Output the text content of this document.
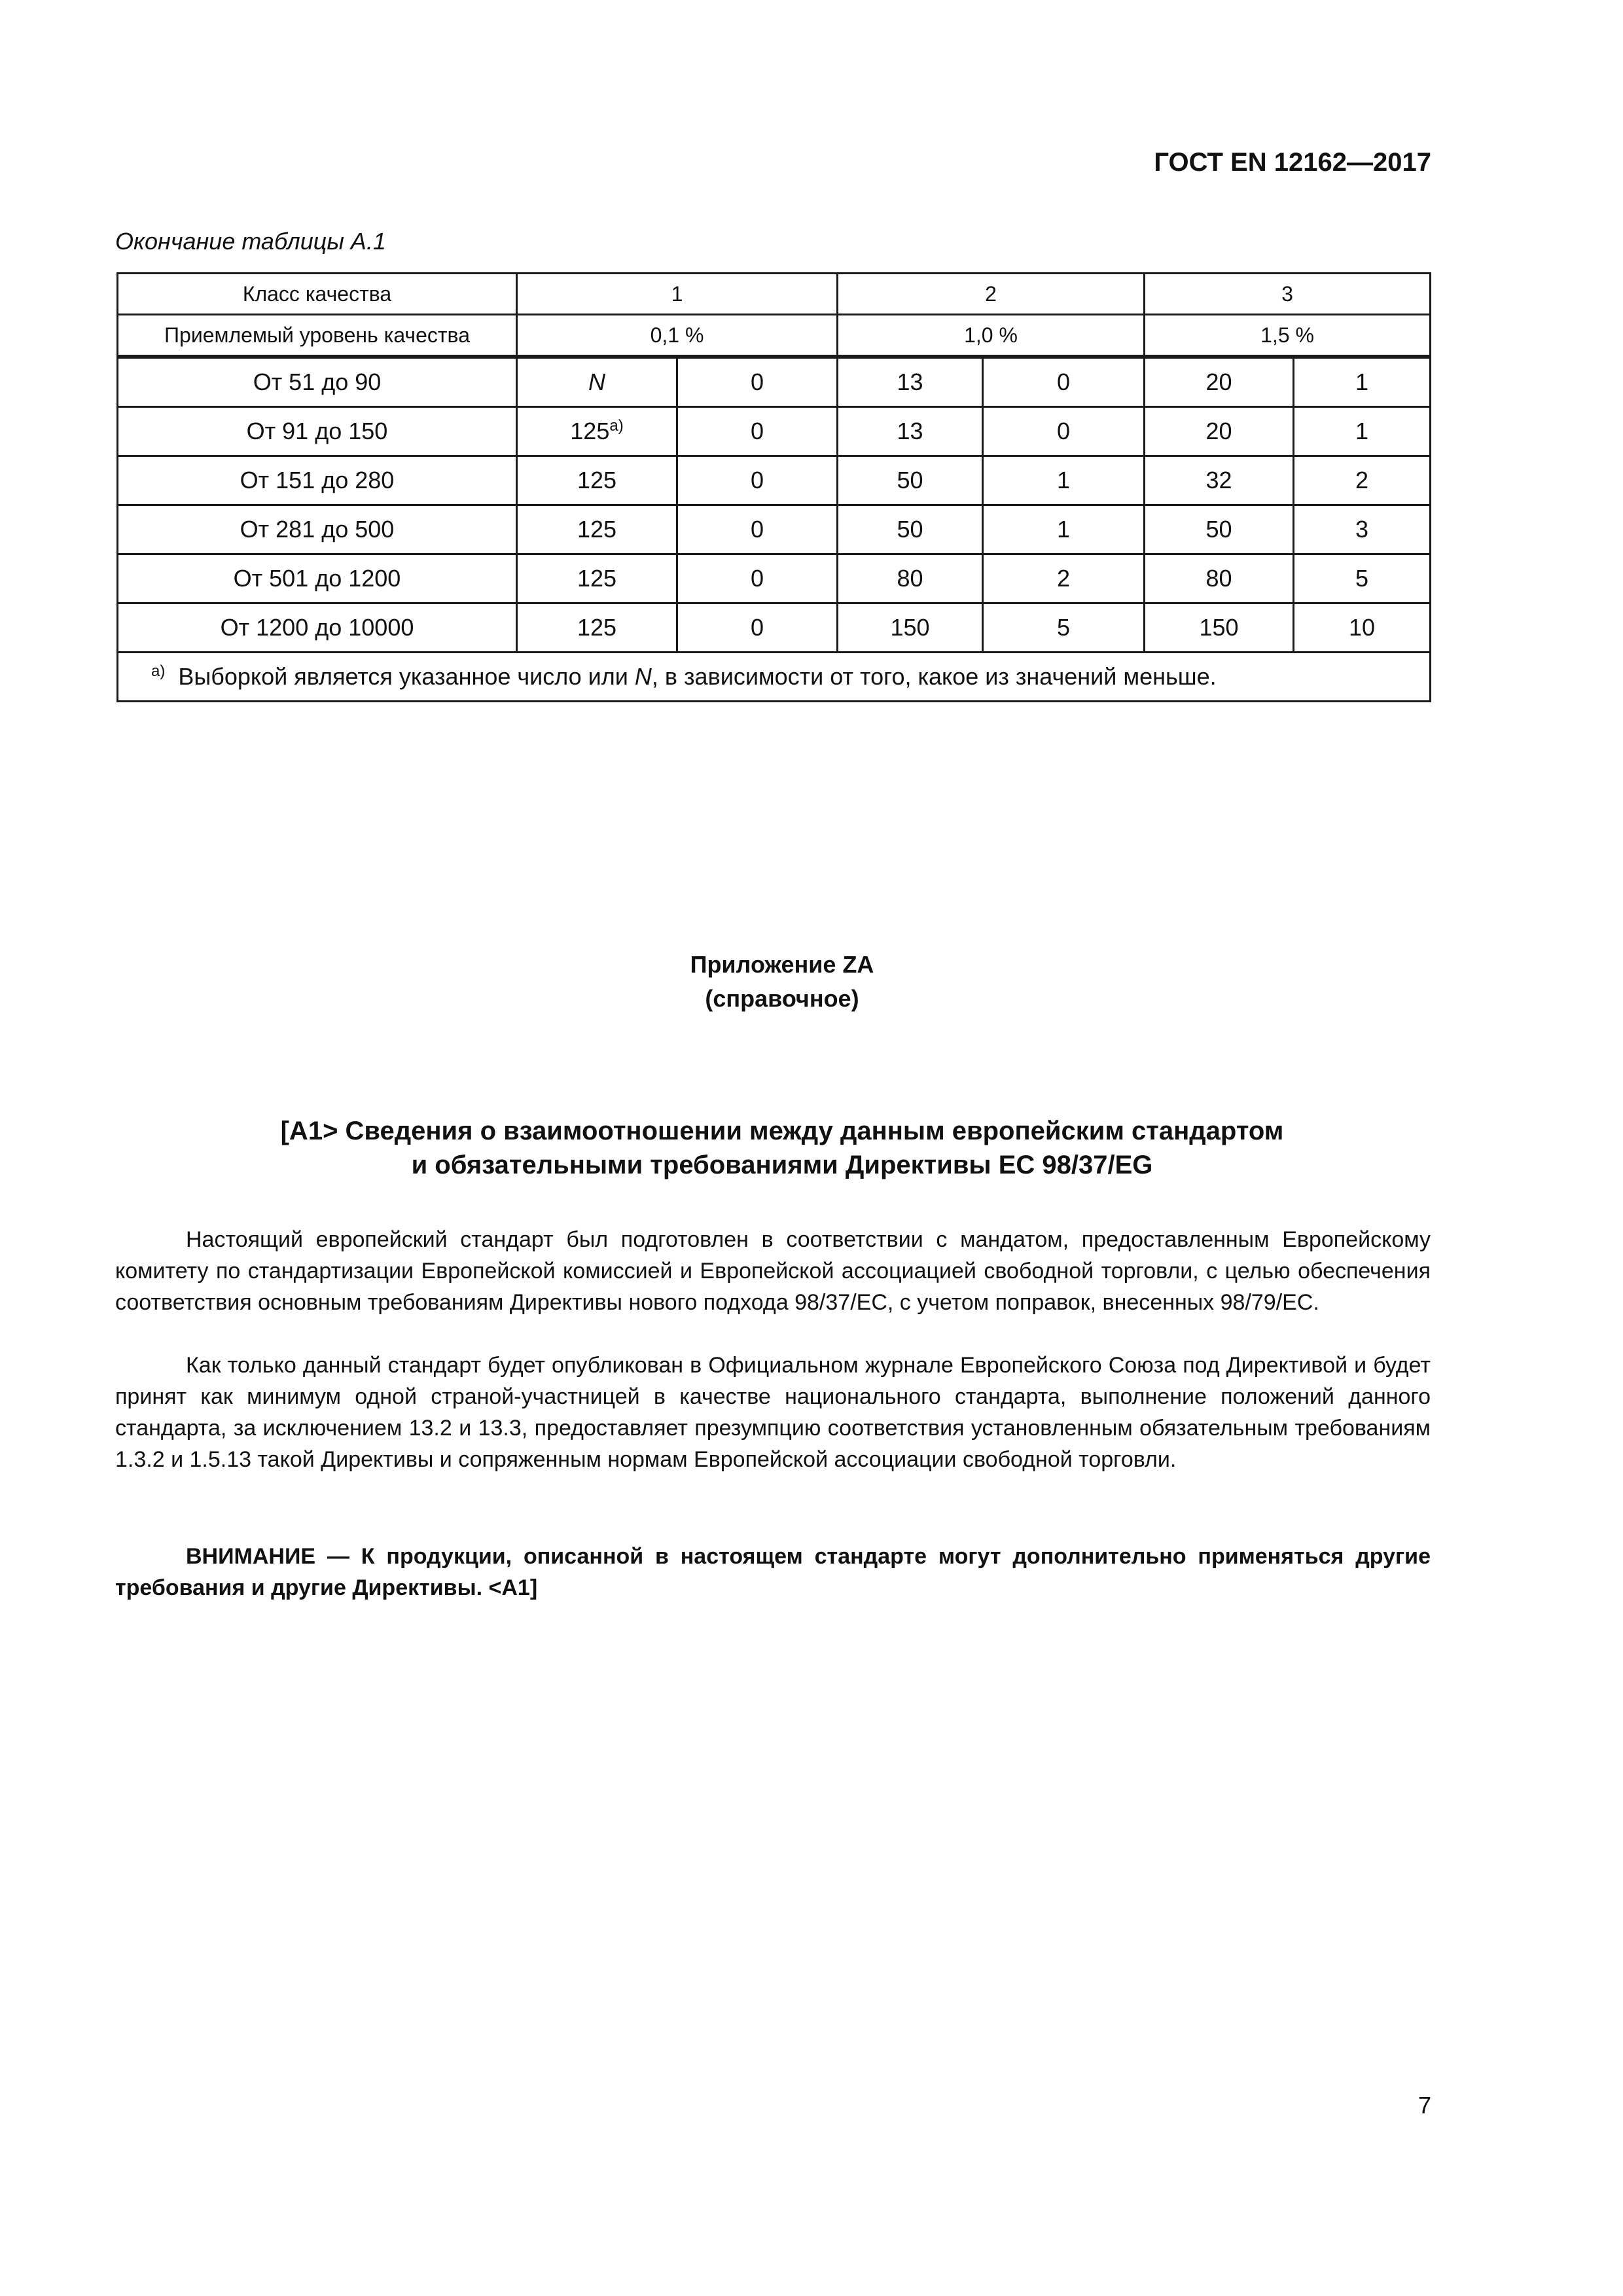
ГОСТ EN 12162—2017
Окончание таблицы А.1
Класс качества	1		2		3	
Приемлемый уровень качества	0,1 %		1,0 %		1,5 %	
От 51 до 90	N	0	13	0	20	1
От 91 до 150	125$^{a)}$	0	13	0	20	1
От 151 до 280	125	0	50	1	32	2
От 281 до 500	125	0	50	1	50	3
От 501 до 1200	125	0	80	2	80	5
От 1200 до 10000	125	0	150	5	150	10
$^{a)}$ Выборкой является указанное число или N, в зависимости от того, какое из значений меньше.						
Приложение ZA
(справочное)
[A1> Сведения о взаимоотношении между данным европейским стандартом
и обязательными требованиями Директивы ЕС 98/37/EG

Настоящий европейский стандарт был подготовлен в соответствии с мандатом, предоставленным Европейскому комитету по стандартизации Европейской комиссией и Европейской ассоциацией свободной торговли, с целью обеспечения соответствия основным требованиям Директивы нового подхода 98/37/ЕС, с учетом поправок, внесенных 98/79/ЕС.

Как только данный стандарт будет опубликован в Официальном журнале Европейского Союза под Директивой и будет принят как минимум одной страной-участницей в качестве национального стандарта, выполнение положений данного стандарта, за исключением 13.2 и 13.3, предоставляет презумпцию соответствия установленным обязательным требованиям 1.3.2 и 1.5.13 такой Директивы и сопряженным нормам Европейской ассоциации свободной торговли.

ВНИМАНИЕ — К продукции, описанной в настоящем стандарте могут дополнительно применяться другие требования и другие Директивы. <A1]

7
